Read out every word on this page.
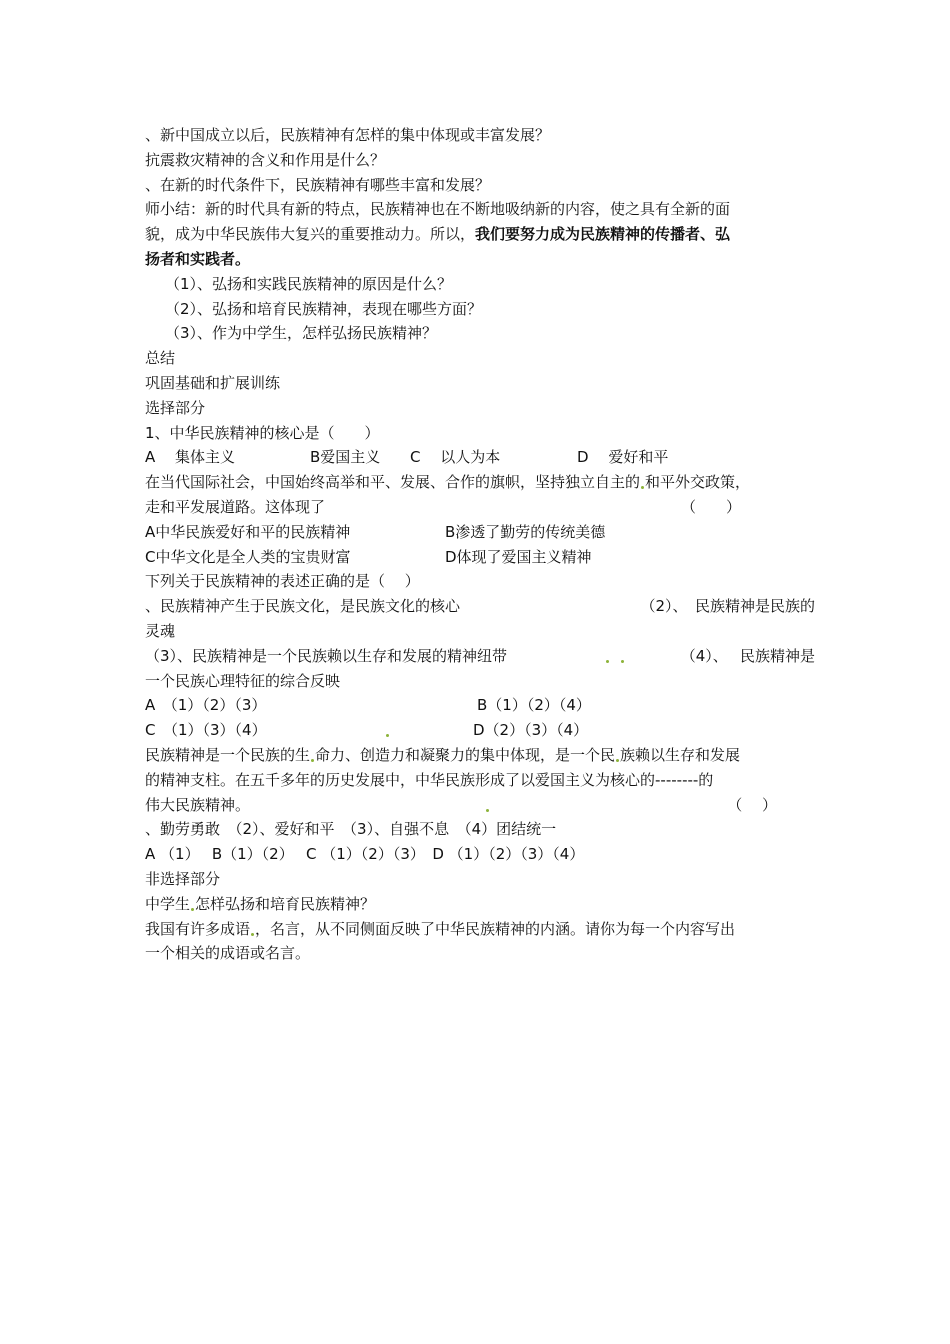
、新中国成立以后，民族精神有怎样的集中体现或丰富发展？
抗震救灾精神的含义和作用是什么？
、在新的时代条件下，民族精神有哪些丰富和发展？
师小结：新的时代具有新的特点，民族精神也在不断地吸纳新的内容，使之具有全新的面
貌，成为中华民族伟大复兴的重要推动力。所以，我们要努力成为民族精神的传播者、弘
扬者和实践者。
（1）、弘扬和实践民族精神的原因是什么？
（2）、弘扬和培育民族精神，表现在哪些方面？
（3）、作为中学生，怎样弘扬民族精神？
总结
巩固基础和扩展训练
选择部分
1、中华民族精神的核心是（　　）
A　 集体主义	B爱国主义	C　 以人为本	D　 爱好和平
在当代国际社会，中国始终高举和平、发展、合作的旗帜，坚持独立自主的 和平外交政策，
走和平发展道路。这体现了	（　　）
A中华民族爱好和平的民族精神	B渗透了勤劳的传统美德
C中华文化是全人类的宝贵财富	D体现了爱国主义精神
下列关于民族精神的表述正确的是（　 ）
、民族精神产生于民族文化，是民族文化的核心	（2）、　民族精神是民族的
灵魂
（3）、民族精神是一个民族赖以生存和发展的精神纽带
	（4）、　 民族精神是
一个民族心理特征的综合反映
A　（1）（2）（3）	B（1）（2）（4）
C　（1）（3）（4）	D（2）（3）（4）
民族精神是一个民族的生 命力、创造力和凝聚力的集中体现，是一个民 族赖以生存和发展
的精神支柱。在五千多年的历史发展中，中华民族形成了以爱国主义为核心的--------的
伟大民族精神。	（　 ）
、勤劳勇敢　（2）、爱好和平　（3）、自强不息　（4）团结统一
A （1）　 B（1）（2）　 C （1）（2）（3）　D （1）（2）（3）（4）
非选择部分
中学生 怎样弘扬和培育民族精神？
我国有许多成语 ，名言，从不同侧面反映了中华民族精神的内涵。请你为每一个内容写出
一个相关的成语或名言。
